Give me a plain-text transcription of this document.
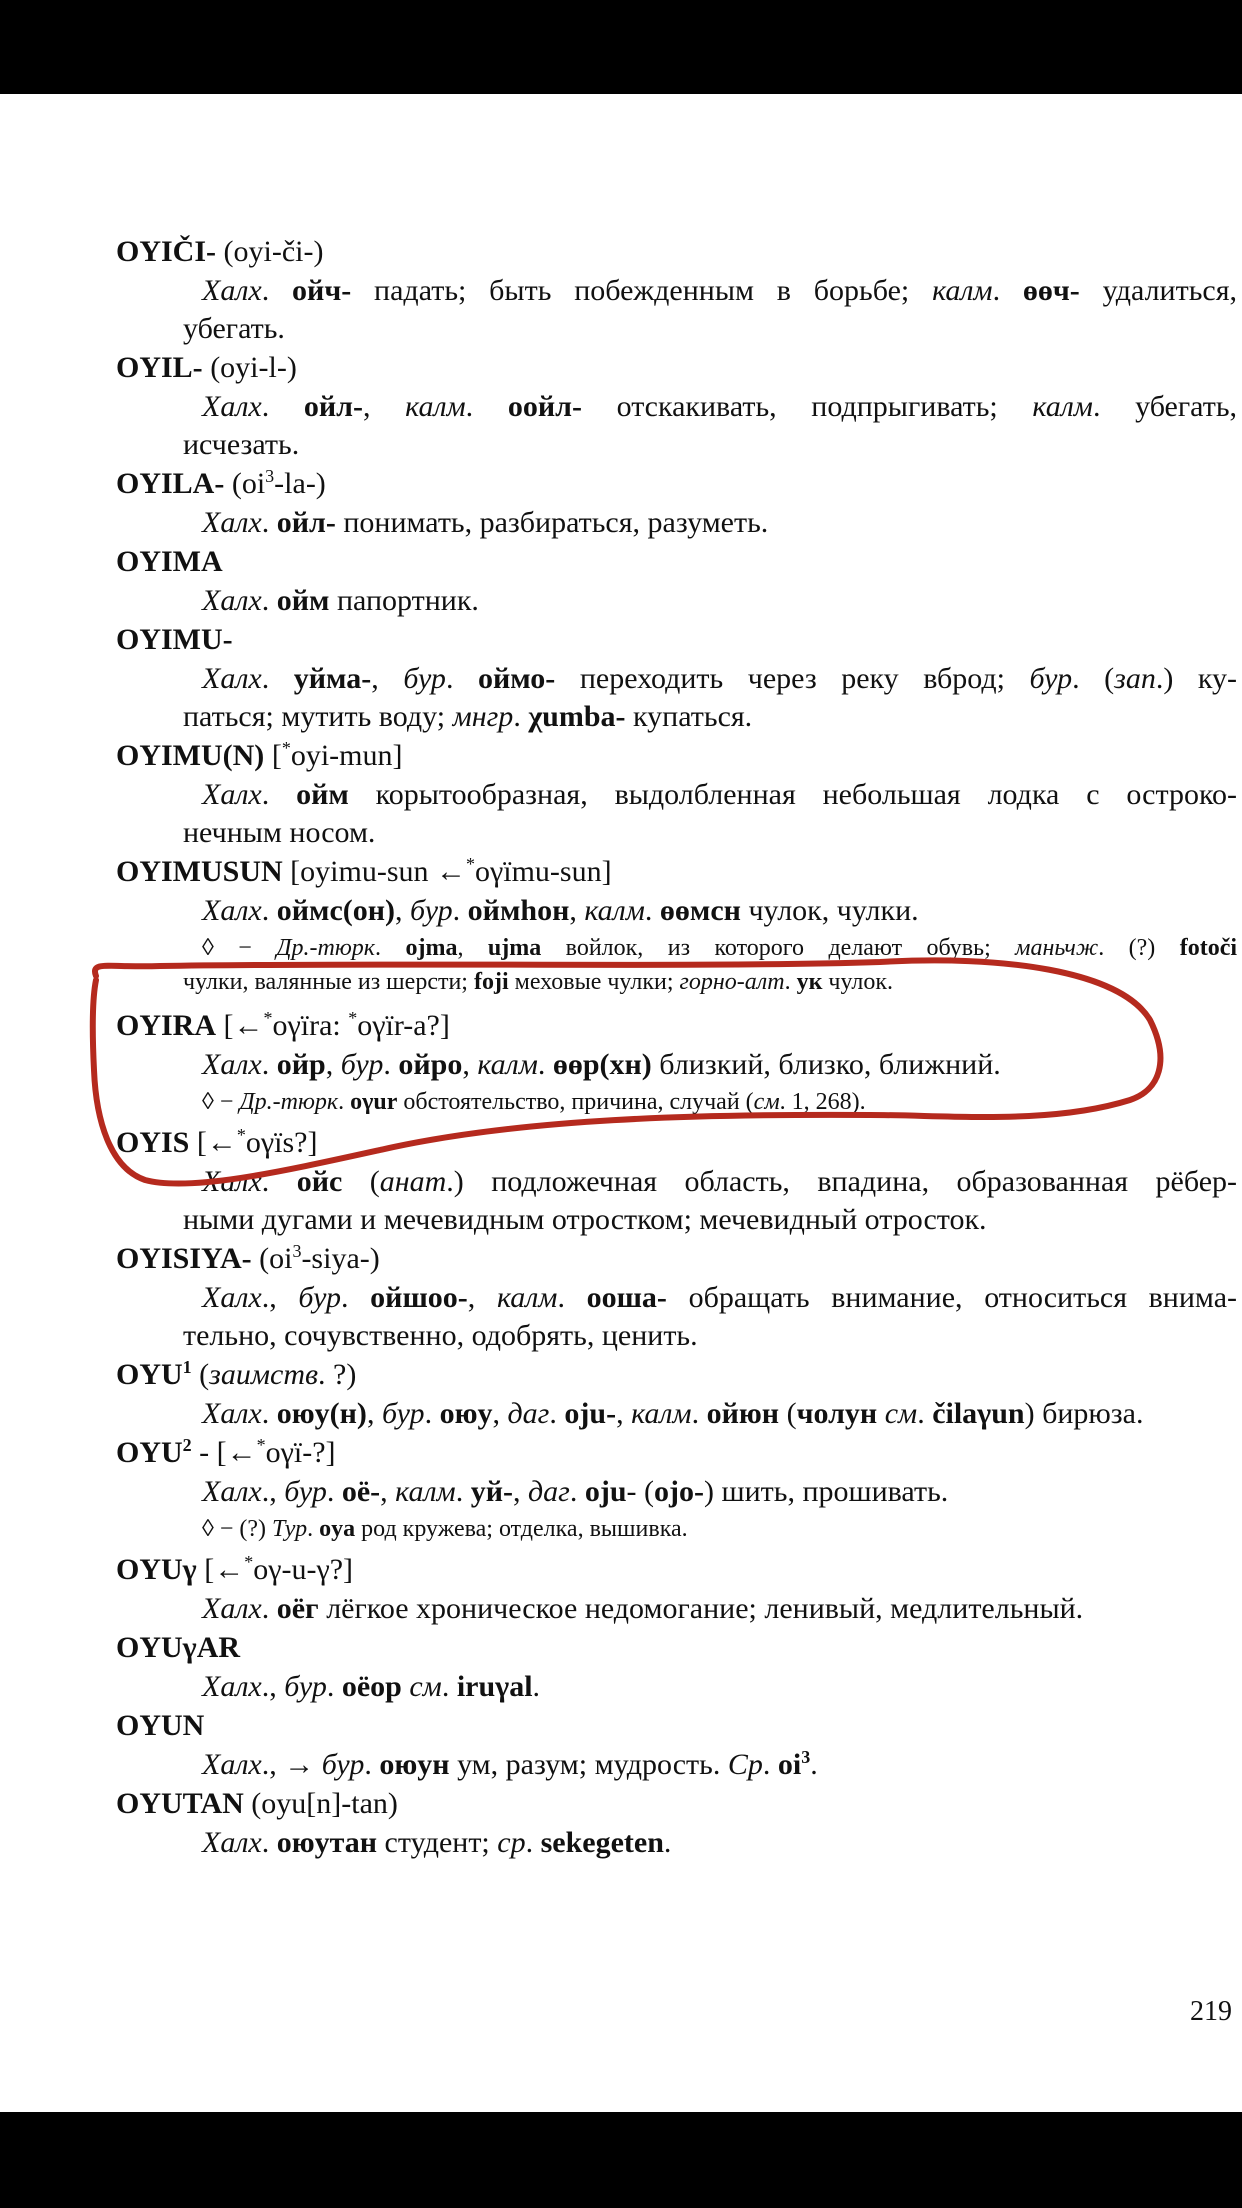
OYIČI- (oyi-či-)
Халх. ойч- падать; быть побежденным в борьбе; калм. өөч- удалиться,
убегать.
OYIL- (oyi-l-)
Халх. ойл-, калм. оойл- отскакивать, подпрыгивать; калм. убегать,
исчезать.
OYILA- $(oi^3-la-)$
Халх. ойл- понимать, разбираться, разуметь.
OYIMA
Халх. ойм папортник.
OYIMU-
Халх. уйма-, бур. оймо- переходить через реку вброд; бур. (зап.) ку-
паться; мутить воду; мнгр. χumba- купаться.
OYIMU(N) [*oyi-mun]
Халх. ойм корытообразная, выдолбленная небольшая лодка с остроко-
нечным носом.
OYIMUSUN [oyimu-sun ←*oγïmu-sun]
Халх. оймс(он), бур. оймһон, калм. өөмсн чулок, чулки.
◊ − Др.-тюрк. ojma, ujma войлок, из которого делают обувь; маньчж. (?) fotoči
чулки, валянные из шерсти; foji меховые чулки; горно-алт. ук чулок.
OYIRA [←*oγïra: *oγïr-a?]
Халх. ойр, бур. ойро, калм. өөр(хн) близкий, близко, ближний.
◊ − Др.-тюрк. oγur обстоятельство, причина, случай (см. 1, 268).
OYIS [←*oγïs?]
Халх. ойс (анат.) подложечная область, впадина, образованная рёбер-
ными дугами и мечевидным отростком; мечевидный отросток.
OYISIYA- $(oi^3-siya-)$
Халх., бур. ойшоо-, калм. ооша- обращать внимание, относиться внима-
тельно, сочувственно, одобрять, ценить.
OYU$^1$ (заимств. ?)
Халх. оюу(н), бур. оюу, даг. oju-, калм. ойюн (чолун см. čilaγun) бирюза.
OYU$^2$ - [←*oγï-?]
Халх., бур. оё-, калм. уй-, даг. oju- (ojo-) шить, прошивать.
◊ − (?) Тур. oya род кружева; отделка, вышивка.
OYUγ [←*oγ-u-γ?]
Халх. оёг лёгкое хроническое недомогание; ленивый, медлительный.
OYUγAR
Халх., бур. оёор см. iruγal.
OYUN
Халх., → бур. оюун ум, разум; мудрость. Ср. $oi^3$.
OYUTAN (oyu[n]-tan)
Халх. оюутан студент; ср. sekegeten.
219
